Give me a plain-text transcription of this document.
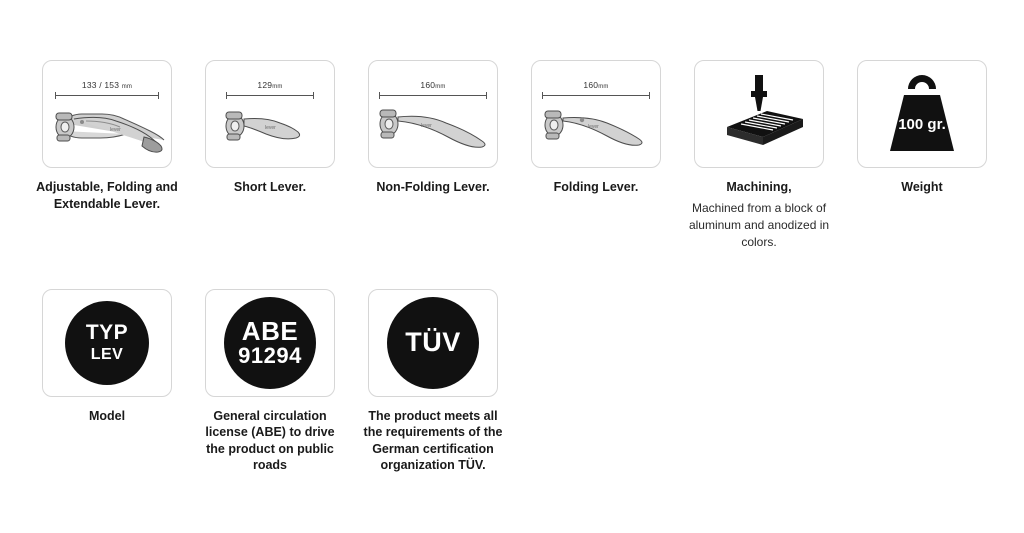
133 / 153 mm
lever
Adjustable, Folding and Extendable Lever.
129mm
lever
Short Lever.
160mm
lever
Non-Folding Lever.
160mm
lever
Folding Lever.	Machining,
Machined from a block of aluminum and anodized in colors.
100 gr.
Weight
TYP
LEV
Model
ABE
91294
General circulation license (ABE) to drive the product on public roads
TÜV
The product meets all the requirements of the German certification organization TÜV.
